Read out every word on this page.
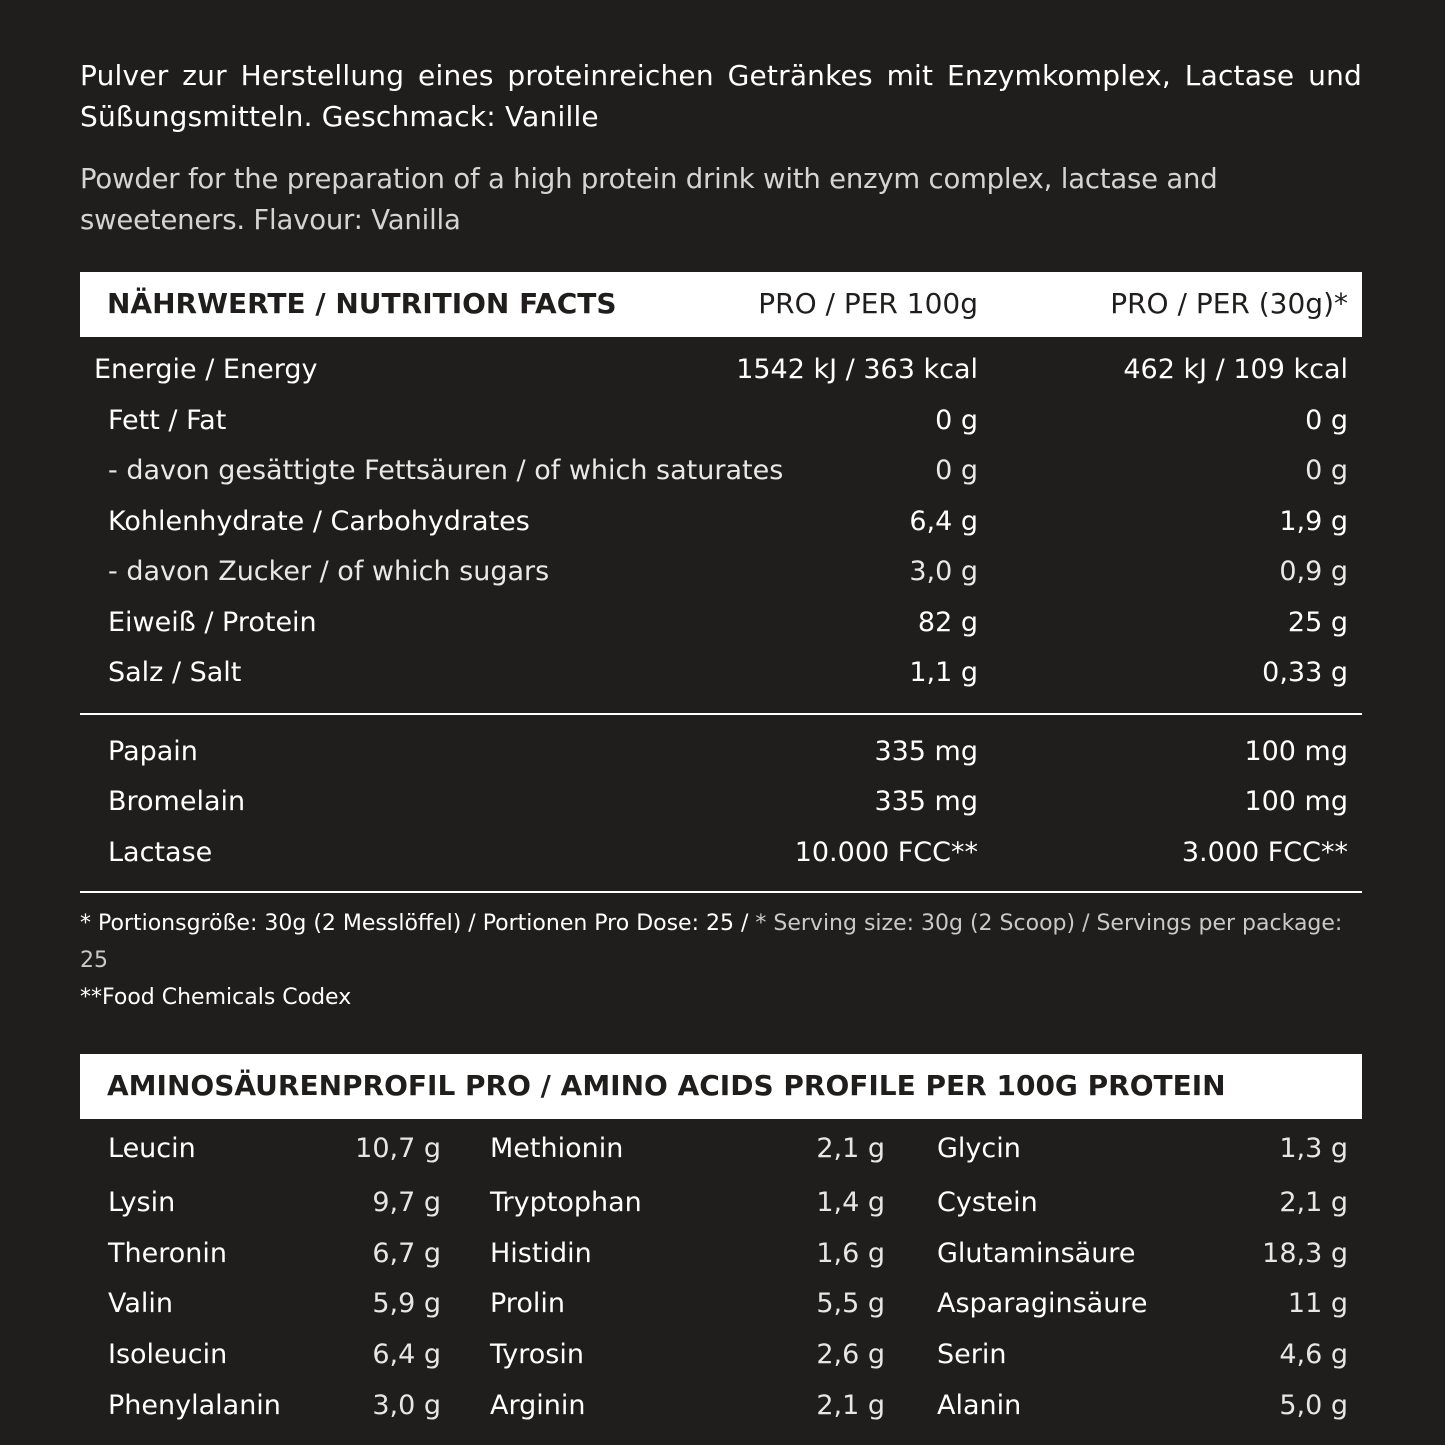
Pulver zur Herstellung eines proteinreichen Getränkes mit Enzymkomplex, Lactase und Süßungsmitteln. Geschmack: Vanille

Powder for the preparation of a high protein drink with enzym complex, lactase and sweeteners. Flavour: Vanilla

NÄHRWERTE / NUTRITION FACTS	PRO / PER 100g	PRO / PER (30g)*
Energie / Energy	1542 kJ / 363 kcal	462 kJ / 109 kcal
Fett / Fat	0 g	0 g
- davon gesättigte Fettsäuren / of which saturates	0 g	0 g
Kohlenhydrate / Carbohydrates	6,4 g	1,9 g
- davon Zucker / of which sugars	3,0 g	0,9 g
Eiweiß / Protein	82 g	25 g
Salz / Salt	1,1 g	0,33 g
Papain	335 mg	100 mg
Bromelain	335 mg	100 mg
Lactase	10.000 FCC**	3.000 FCC**
* Portionsgröße: 30g (2 Messlöffel) / Portionen Pro Dose: 25 / * Serving size: 30g (2 Scoop) / Servings per package: 25
**Food Chemicals Codex
AMINOSÄURENPROFIL PRO / AMINO ACIDS PROFILE PER 100G PROTEIN
Leucin	10,7 g Methionin	2,1 g Glycin	1,3 g
Lysin	9,7 g Tryptophan	1,4 g Cystein	2,1 g
Theronin	6,7 g Histidin	1,6 g Glutaminsäure	18,3 g
Valin	5,9 g Prolin	5,5 g Asparaginsäure	11 g
Isoleucin	6,4 g Tyrosin	2,6 g Serin	4,6 g
Phenylalanin	3,0 g Arginin	2,1 g Alanin	5,0 g
